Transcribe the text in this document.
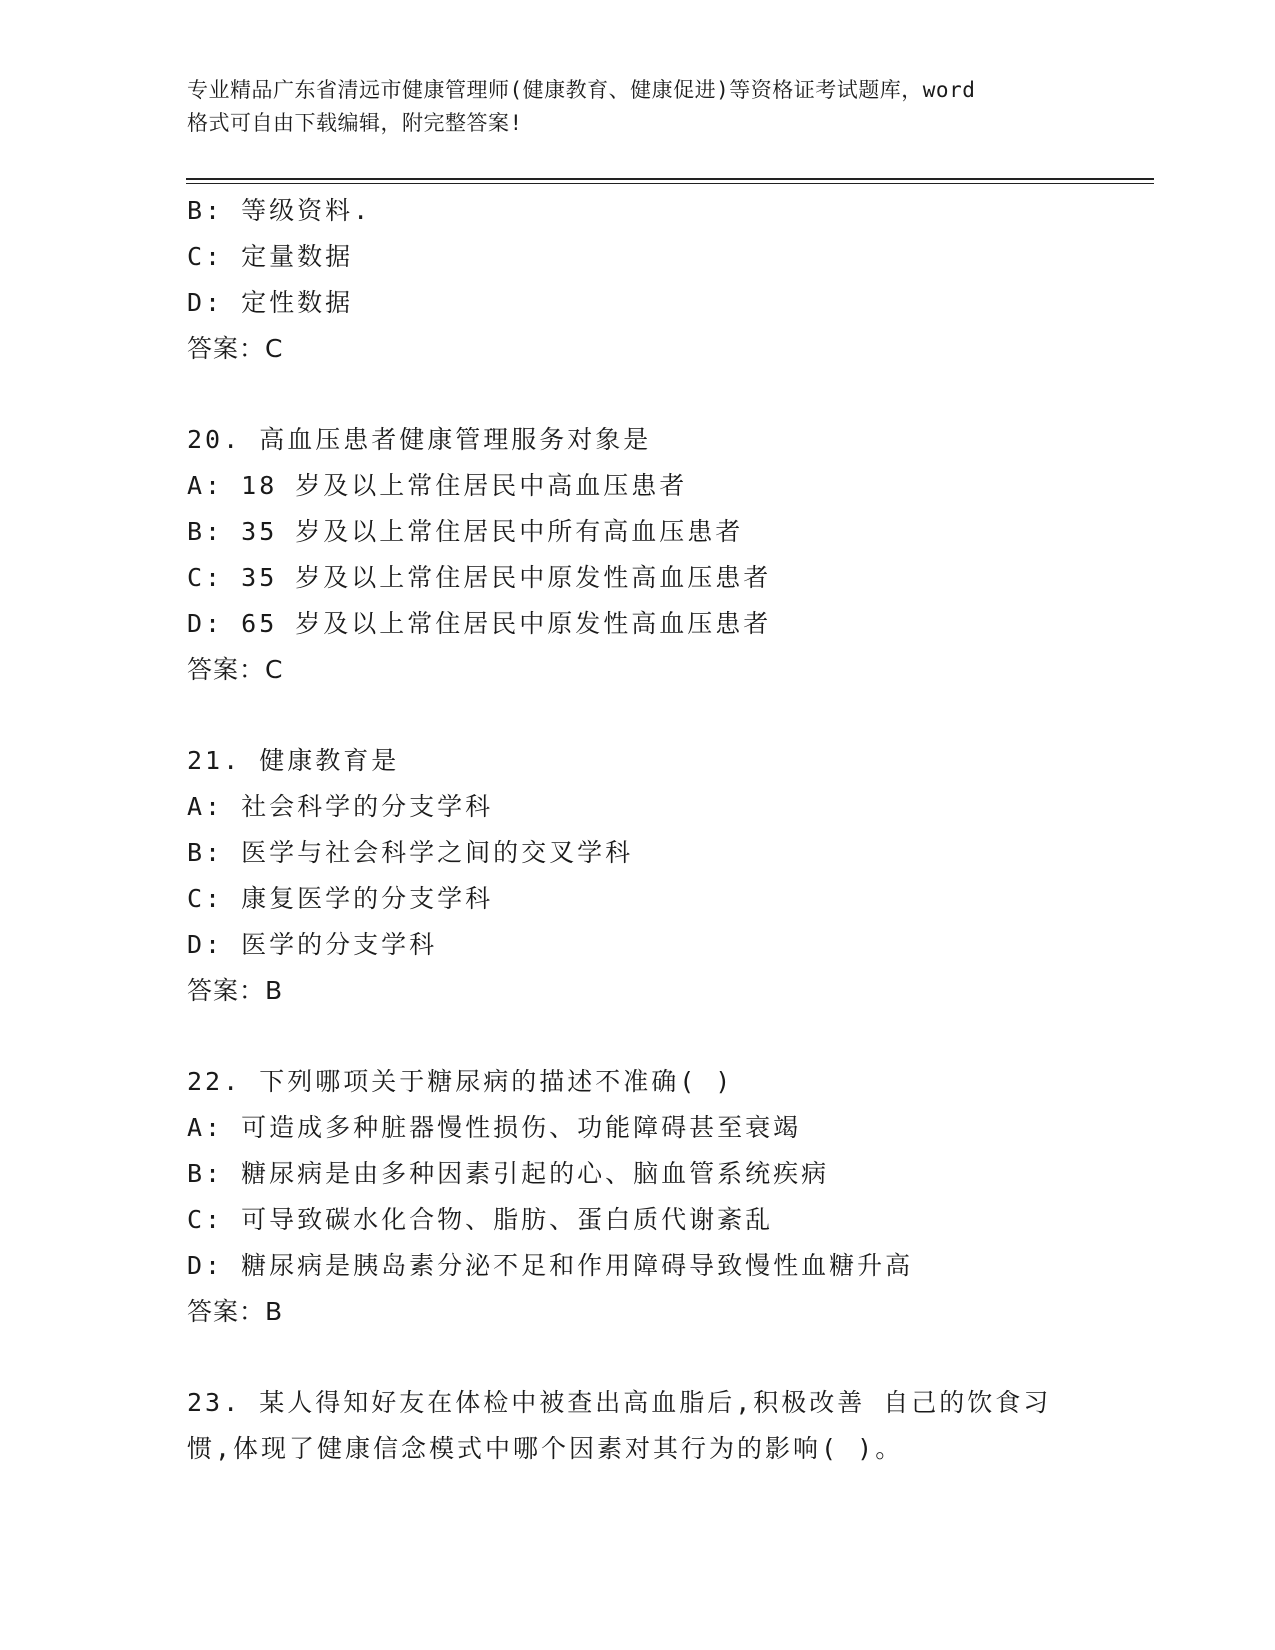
专业精品广东省清远市健康管理师(健康教育、健康促进)等资格证考试题库，word
格式可自由下载编辑，附完整答案!
B: 等级资料.
C: 定量数据
D: 定性数据
答案：C
20. 高血压患者健康管理服务对象是
A: 18 岁及以上常住居民中高血压患者
B: 35 岁及以上常住居民中所有高血压患者
C: 35 岁及以上常住居民中原发性高血压患者
D: 65 岁及以上常住居民中原发性高血压患者
答案：C
21. 健康教育是
A: 社会科学的分支学科
B: 医学与社会科学之间的交叉学科
C: 康复医学的分支学科
D: 医学的分支学科
答案：B
22. 下列哪项关于糖尿病的描述不准确( )
A: 可造成多种脏器慢性损伤、功能障碍甚至衰竭
B: 糖尿病是由多种因素引起的心、脑血管系统疾病
C: 可导致碳水化合物、脂肪、蛋白质代谢紊乱
D: 糖尿病是胰岛素分泌不足和作用障碍导致慢性血糖升高
答案：B
23. 某人得知好友在体检中被查出高血脂后,积极改善 自己的饮食习
惯,体现了健康信念模式中哪个因素对其行为的影响( )。
